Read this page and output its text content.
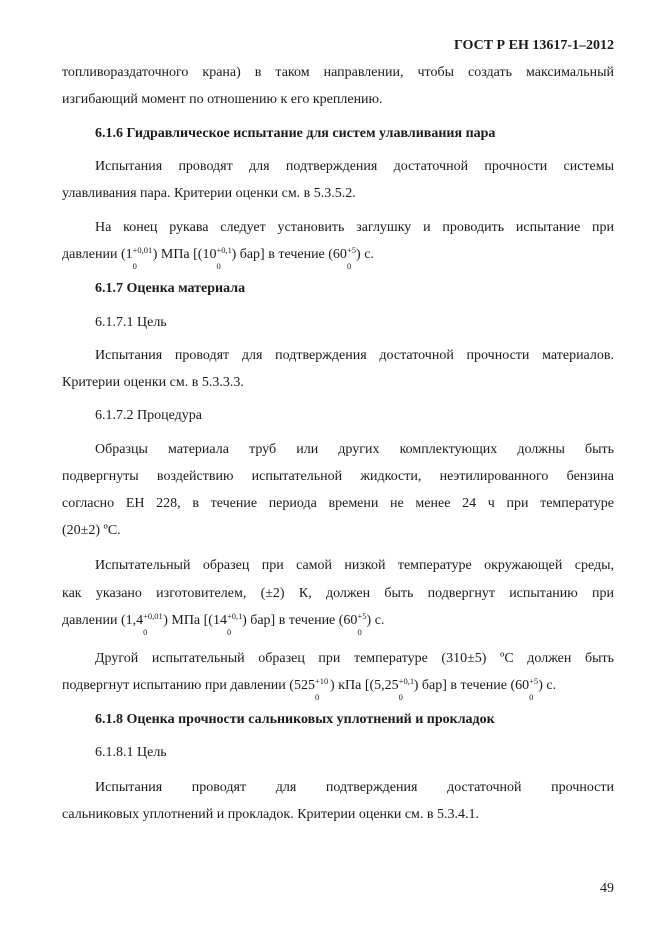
ГОСТ Р ЕН 13617-1–2012
топливораздаточного крана) в таком направлении, чтобы создать максимальный
изгибающий момент по отношению к его креплению.
6.1.6 Гидравлическое испытание для систем улавливания пара
Испытания проводят для подтверждения достаточной прочности системы
улавливания пара. Критерии оценки см. в 5.3.5.2.
На конец рукава следует установить заглушку и проводить испытание при
давлении (1 +0,01
0
) МПа [(10 +0,1
0
) бар] в течение (60 +5
0
) с.
6.1.7 Оценка материала
6.1.7.1 Цель
Испытания проводят для подтверждения достаточной прочности материалов.
Критерии оценки см. в 5.3.3.3.
6.1.7.2 Процедура
Образцы материала труб или других комплектующих должны быть
подвергнуты воздействию испытательной жидкости, неэтилированного бензина
согласно ЕН 228, в течение периода времени не менее 24 ч при температуре
(20±2) ºС.
Испытательный образец при самой низкой температуре окружающей среды,
как указано изготовителем, (±2) К, должен быть подвергнут испытанию при
давлении (1,4 +0,01
0
) МПа [(14 +0,1
0
) бар] в течение (60 +5
0
) с.
Другой испытательный образец при температуре (310±5) ºС должен быть
подвергнут испытанию при давлении (525 +10
0
) кПа [(5,25 +0,1
0
) бар] в течение (60 +5
0
) с.
6.1.8 Оценка прочности сальниковых уплотнений и прокладок
6.1.8.1 Цель
Испытания проводят для подтверждения достаточной прочности
сальниковых уплотнений и прокладок. Критерии оценки см. в 5.3.4.1.
49
